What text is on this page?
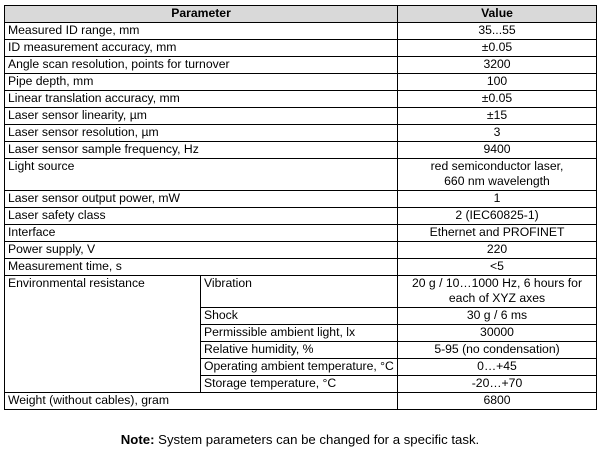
Parameter		Value
Measured ID range, mm		35...55
ID measurement accuracy, mm		±0.05
Angle scan resolution, points for turnover		3200
Pipe depth, mm		100
Linear translation accuracy, mm		±0.05
Laser sensor linearity, µm		±15
Laser sensor resolution, µm		3
Laser sensor sample frequency, Hz		9400
Light source		red semiconductor laser,
660 nm wavelength
Laser sensor output power, mW		1
Laser safety class		2 (IEC60825-1)
Interface		Ethernet and PROFINET
Power supply, V		220
Measurement time, s		<5
Environmental resistance	Vibration	20 g / 10…1000 Hz, 6 hours for
each of XYZ axes
	Shock	30 g / 6 ms
	Permissible ambient light, lx	30000
	Relative humidity, %	5-95 (no condensation)
	Operating ambient temperature, °C	0…+45
	Storage temperature, °C	-20…+70
Weight (without cables), gram		6800
Note: System parameters can be changed for a specific task.
